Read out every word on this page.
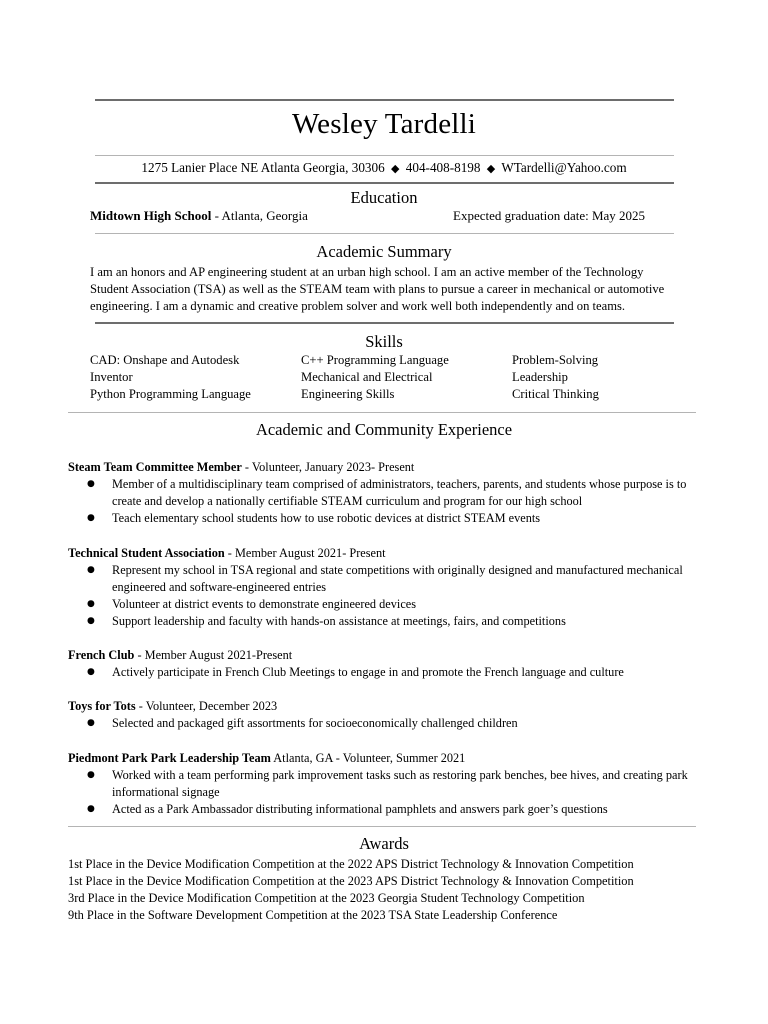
Wesley Tardelli
1275 Lanier Place NE Atlanta Georgia, 30306 ◆ 404-408-8198 ◆ WTardelli@Yahoo.com
Education
Midtown High School - Atlanta, Georgia	Expected graduation date: May 2025
Academic Summary
I am an honors and AP engineering student at an urban high school. I am an active member of the Technology Student Association (TSA) as well as the STEAM team with plans to pursue a career in mechanical or automotive engineering. I am a dynamic and creative problem solver and work well both independently and on teams.
Skills
CAD: Onshape and Autodesk
Inventor
Python Programming Language
C++ Programming Language
Mechanical and Electrical
Engineering Skills
Problem-Solving
Leadership
Critical Thinking
Academic and Community Experience
Steam Team Committee Member - Volunteer, January 2023- Present
● Member of a multidisciplinary team comprised of administrators, teachers, parents, and students whose purpose is to create and develop a nationally certifiable STEAM curriculum and program for our high school
● Teach elementary school students how to use robotic devices at district STEAM events
Technical Student Association - Member August 2021- Present
● Represent my school in TSA regional and state competitions with originally designed and manufactured mechanical engineered and software-engineered entries
● Volunteer at district events to demonstrate engineered devices
● Support leadership and faculty with hands-on assistance at meetings, fairs, and competitions
French Club - Member August 2021-Present
● Actively participate in French Club Meetings to engage in and promote the French language and culture
Toys for Tots - Volunteer, December 2023
● Selected and packaged gift assortments for socioeconomically challenged children
Piedmont Park Park Leadership Team Atlanta, GA - Volunteer, Summer 2021
● Worked with a team performing park improvement tasks such as restoring park benches, bee hives, and creating park informational signage
● Acted as a Park Ambassador distributing informational pamphlets and answers park goer’s questions
Awards
1st Place in the Device Modification Competition at the 2022 APS District Technology & Innovation Competition
1st Place in the Device Modification Competition at the 2023 APS District Technology & Innovation Competition
3rd Place in the Device Modification Competition at the 2023 Georgia Student Technology Competition
9th Place in the Software Development Competition at the 2023 TSA State Leadership Conference
